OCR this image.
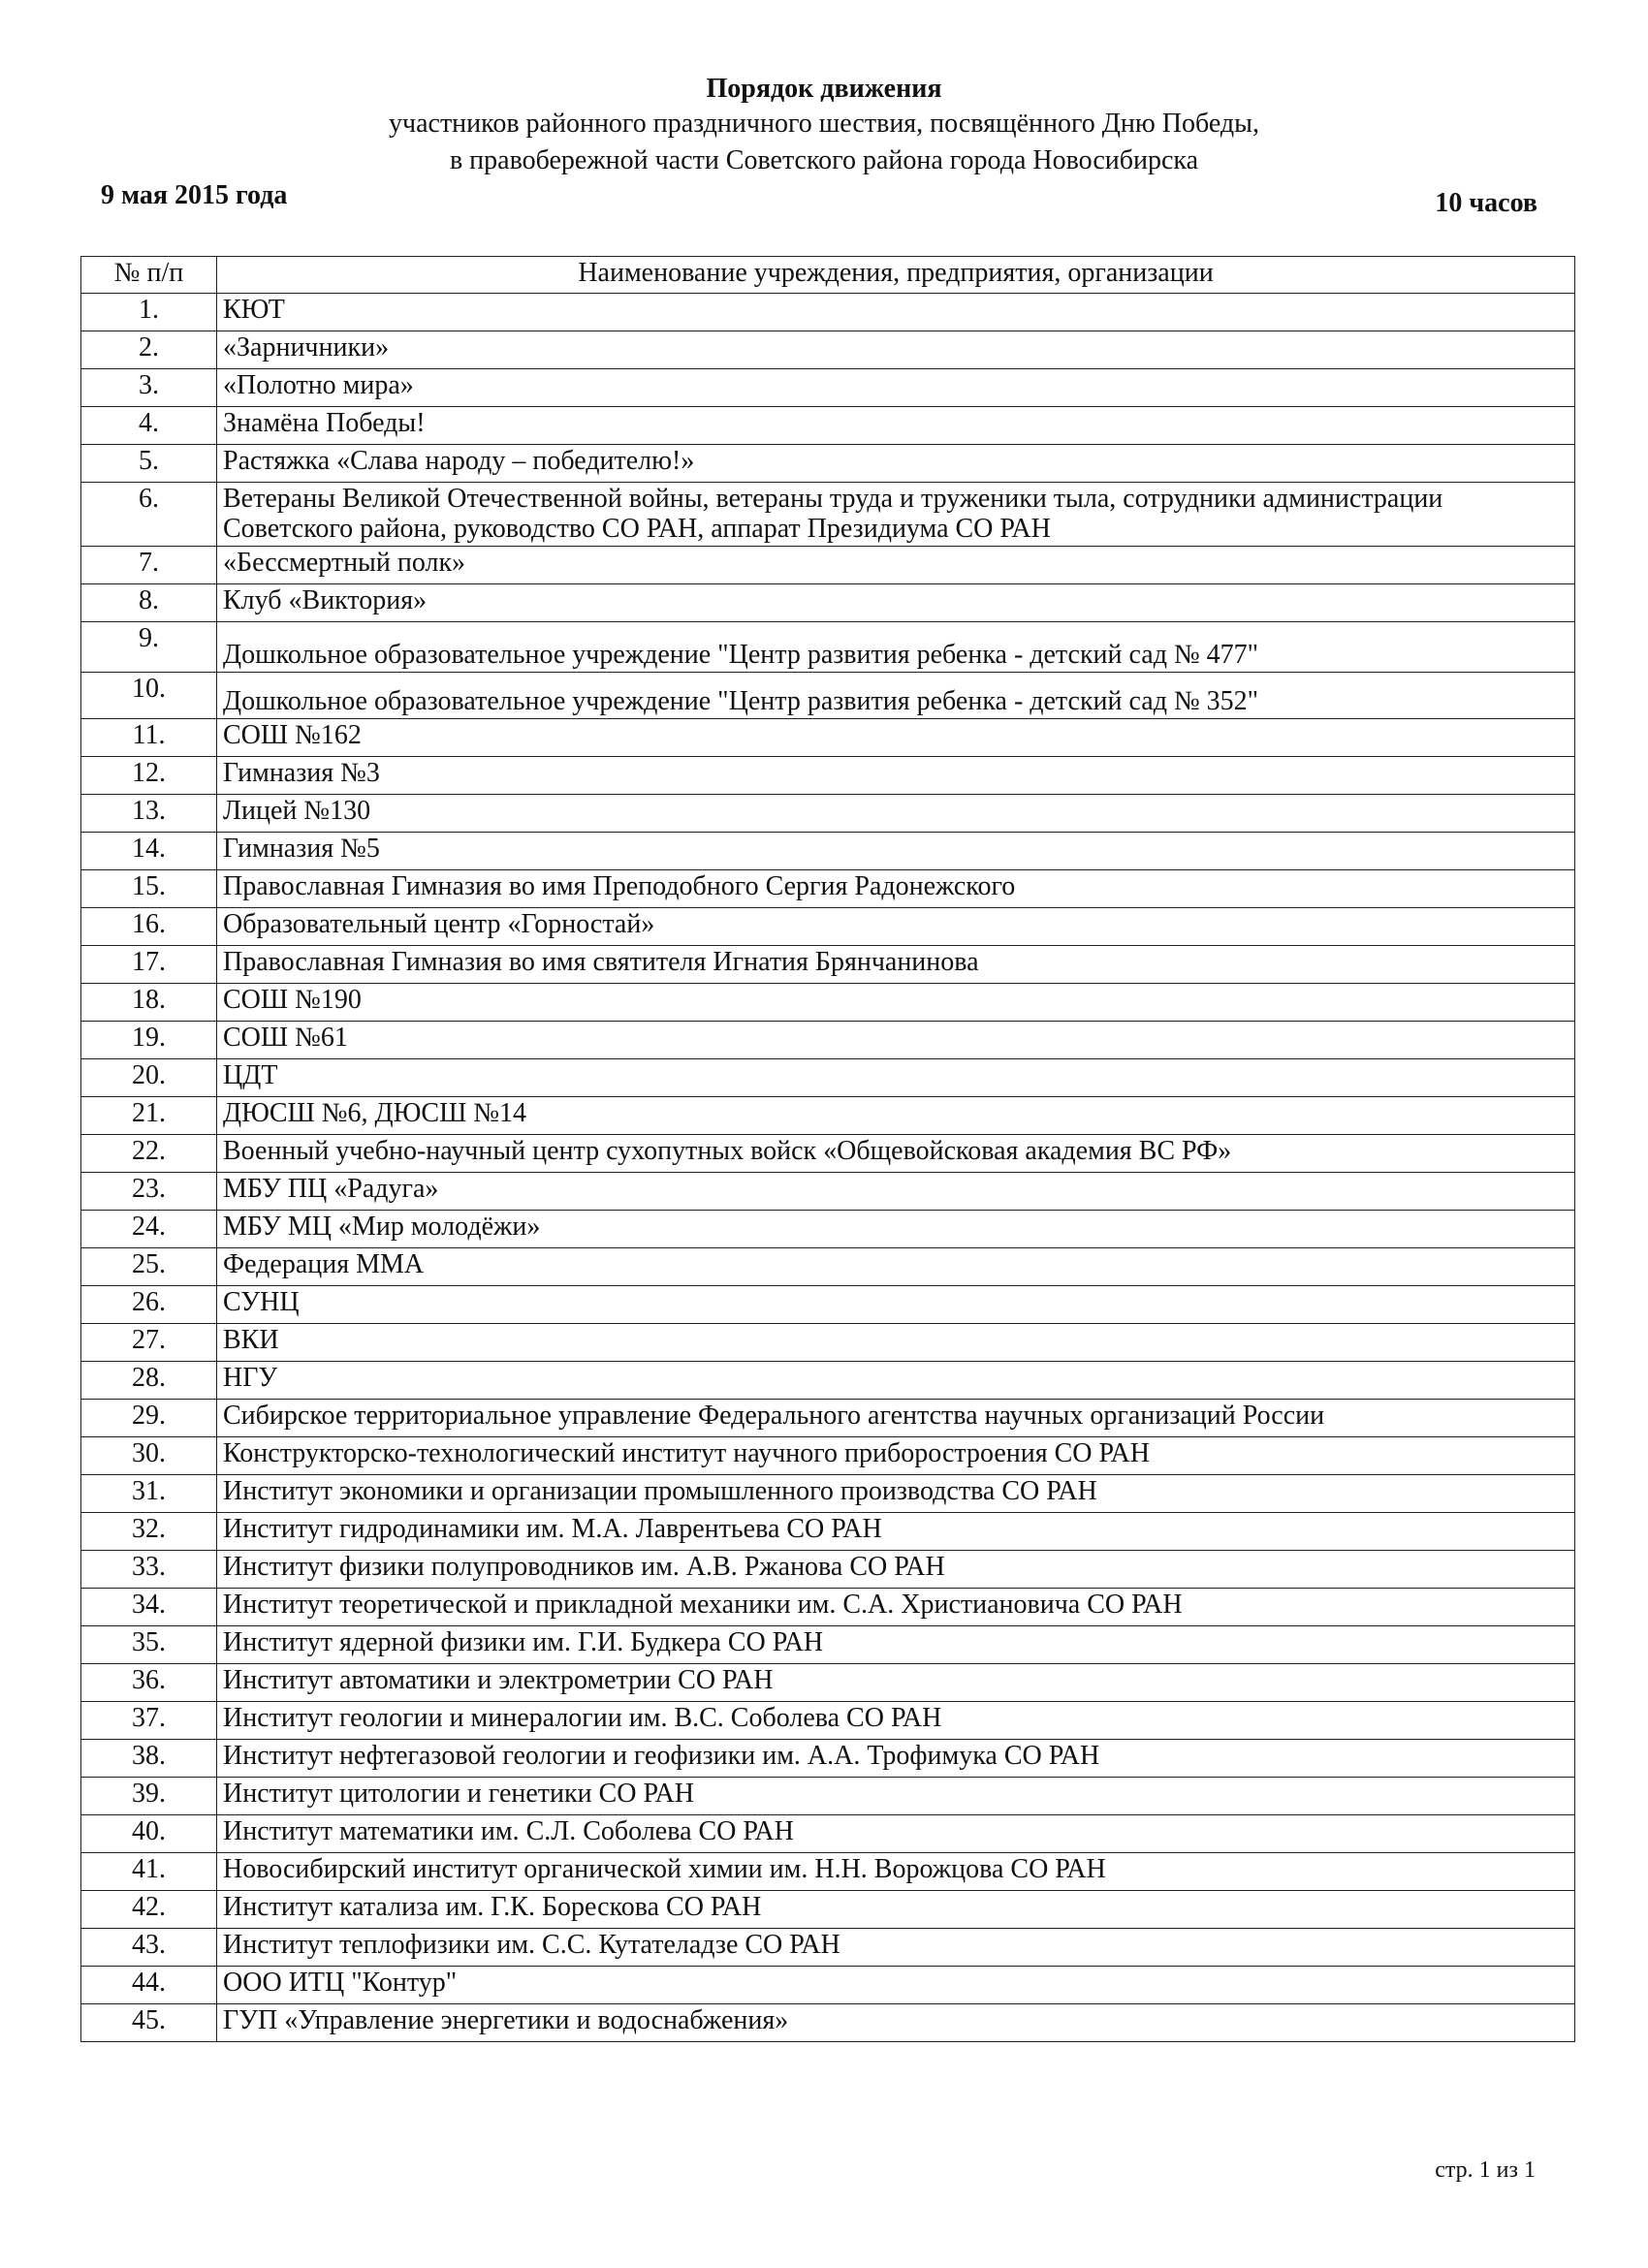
Порядок движения
участников районного праздничного шествия, посвящённого Дню Победы,
в правобережной части Советского района города Новосибирска
9 мая 2015 года	10 часов
№ п/п	Наименование учреждения, предприятия, организации
1.	КЮТ
2.	«Зарничники»
3.	«Полотно мира»
4.	Знамёна Победы!
5.	Растяжка «Слава народу – победителю!»
6.	Ветераны Великой Отечественной войны, ветераны труда и труженики тыла, сотрудники администрации Советского района, руководство СО РАН, аппарат Президиума СО РАН
7.	«Бессмертный полк»
8.	Клуб «Виктория»
9.	Дошкольное образовательное учреждение "Центр развития ребенка - детский сад № 477"
10.	Дошкольное образовательное учреждение "Центр развития ребенка - детский сад № 352"
11.	СОШ №162
12.	Гимназия №3
13.	Лицей №130
14.	Гимназия №5
15.	Православная Гимназия во имя Преподобного Сергия Радонежского
16.	Образовательный центр «Горностай»
17.	Православная Гимназия во имя святителя Игнатия Брянчанинова
18.	СОШ №190
19.	СОШ №61
20.	ЦДТ
21.	ДЮСШ №6, ДЮСШ №14
22.	Военный учебно-научный центр сухопутных войск «Общевойсковая академия ВС РФ»
23.	МБУ ПЦ «Радуга»
24.	МБУ МЦ «Мир молодёжи»
25.	Федерация ММА
26.	СУНЦ
27.	ВКИ
28.	НГУ
29.	Сибирское территориальное управление Федерального агентства научных организаций России
30.	Конструкторско-технологический институт научного приборостроения СО РАН
31.	Институт экономики и организации промышленного производства СО РАН
32.	Институт гидродинамики им. М.А. Лаврентьева СО РАН
33.	Институт физики полупроводников им. А.В. Ржанова СО РАН
34.	Институт теоретической и прикладной механики им. С.А. Христиановича СО РАН
35.	Институт ядерной физики им. Г.И. Будкера СО РАН
36.	Институт автоматики и электрометрии СО РАН
37.	Институт геологии и минералогии им. В.С. Соболева СО РАН
38.	Институт нефтегазовой геологии и геофизики им. А.А. Трофимука СО РАН
39.	Институт цитологии и генетики СО РАН
40.	Институт математики им. С.Л. Соболева СО РАН
41.	Новосибирский институт органической химии им. Н.Н. Ворожцова СО РАН
42.	Институт катализа им. Г.К. Борескова СО РАН
43.	Институт теплофизики им. С.С. Кутателадзе СО РАН
44.	ООО ИТЦ "Контур"
45.	ГУП «Управление энергетики и водоснабжения»
стр. 1 из 1
